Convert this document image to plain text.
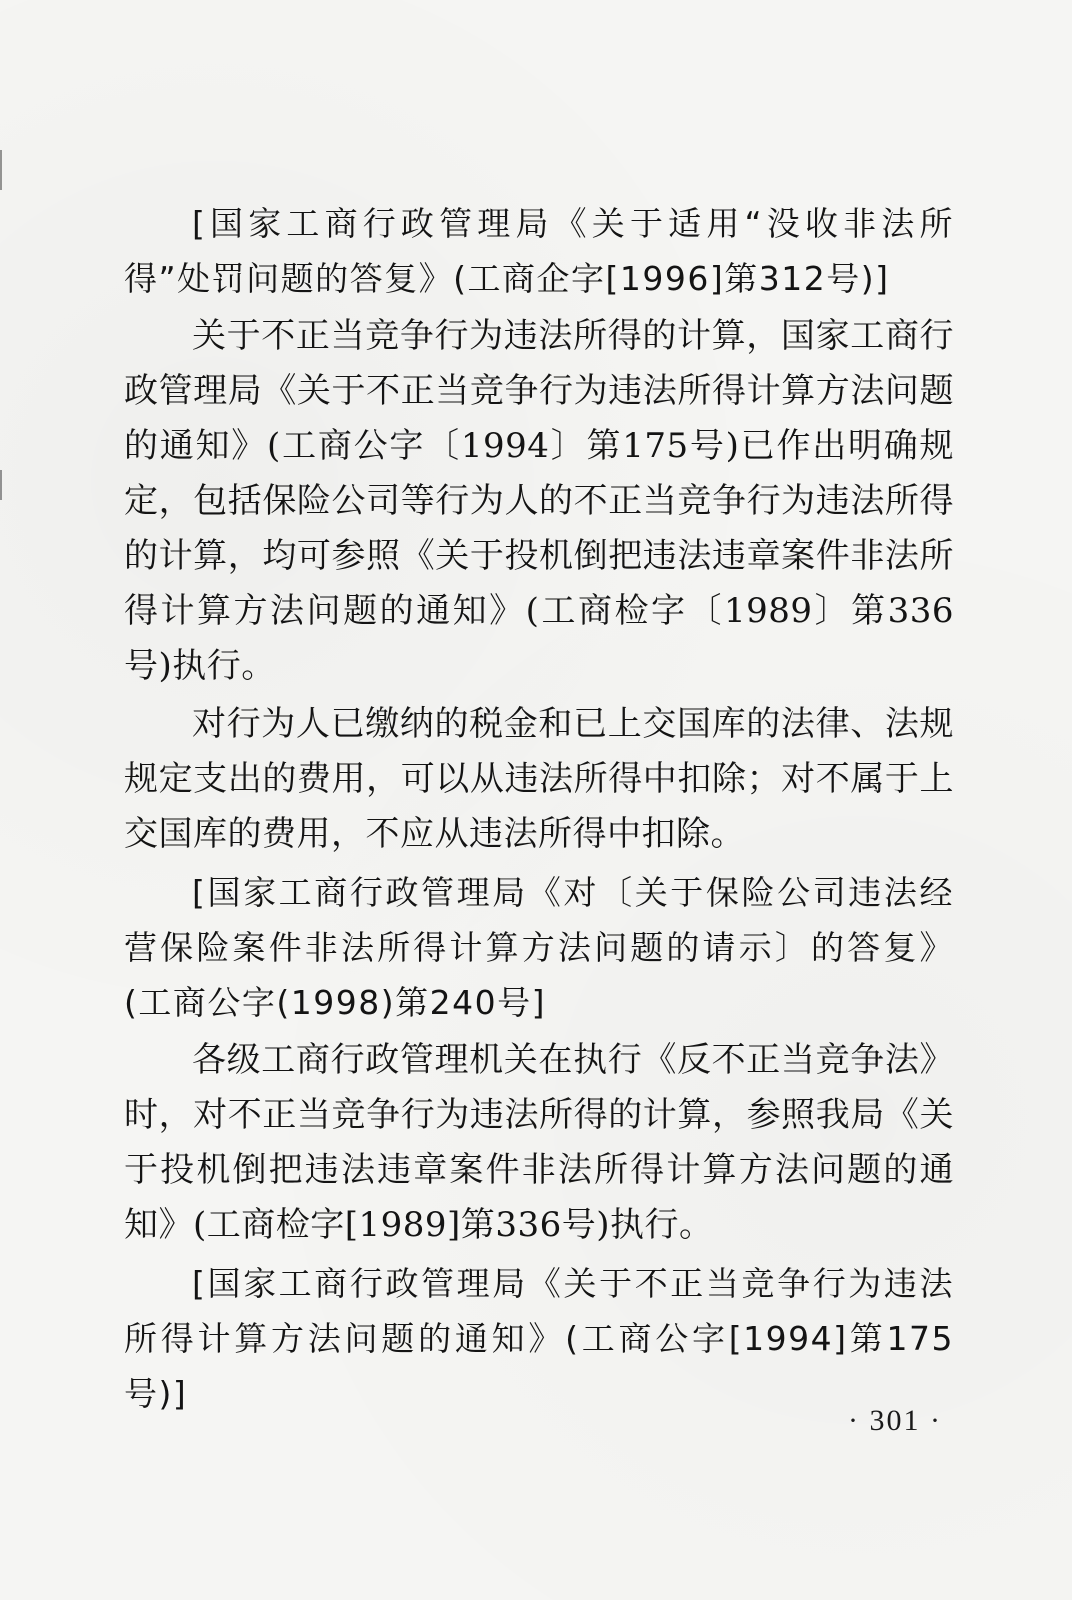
[国家工商行政管理局《关于适用“没收非法所得”处罚问题的答复》(工商企字[1996]第312号)]

关于不正当竞争行为违法所得的计算，国家工商行政管理局《关于不正当竞争行为违法所得计算方法问题的通知》(工商公字〔1994〕第175号)已作出明确规定，包括保险公司等行为人的不正当竞争行为违法所得的计算，均可参照《关于投机倒把违法违章案件非法所得计算方法问题的通知》(工商检字〔1989〕第336号)执行。

对行为人已缴纳的税金和已上交国库的法律、法规规定支出的费用，可以从违法所得中扣除；对不属于上交国库的费用，不应从违法所得中扣除。

[国家工商行政管理局《对〔关于保险公司违法经营保险案件非法所得计算方法问题的请示〕的答复》(工商公字(1998)第240号]

各级工商行政管理机关在执行《反不正当竞争法》时，对不正当竞争行为违法所得的计算，参照我局《关于投机倒把违法违章案件非法所得计算方法问题的通知》(工商检字[1989]第336号)执行。

[国家工商行政管理局《关于不正当竞争行为违法所得计算方法问题的通知》(工商公字[1994]第175号)]

· 301 ·
